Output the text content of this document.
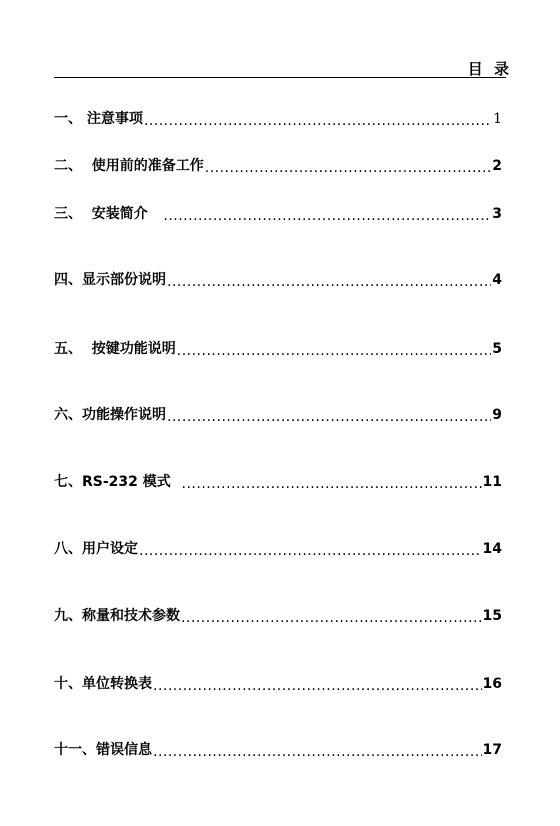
目 录
一、 注意事项 .....	1
二、  使用前的准备工作 .....	2
三、  安装简介 .....	3
四、显示部份说明 .....	4
五、  按键功能说明 .....	5
六、功能操作说明 .....	9
七、RS-232 模式 .....	11
八、用户设定 .....	14
九、称量和技术参数 .....	15
十、单位转换表 .....	16
十一、错误信息 .....	17
